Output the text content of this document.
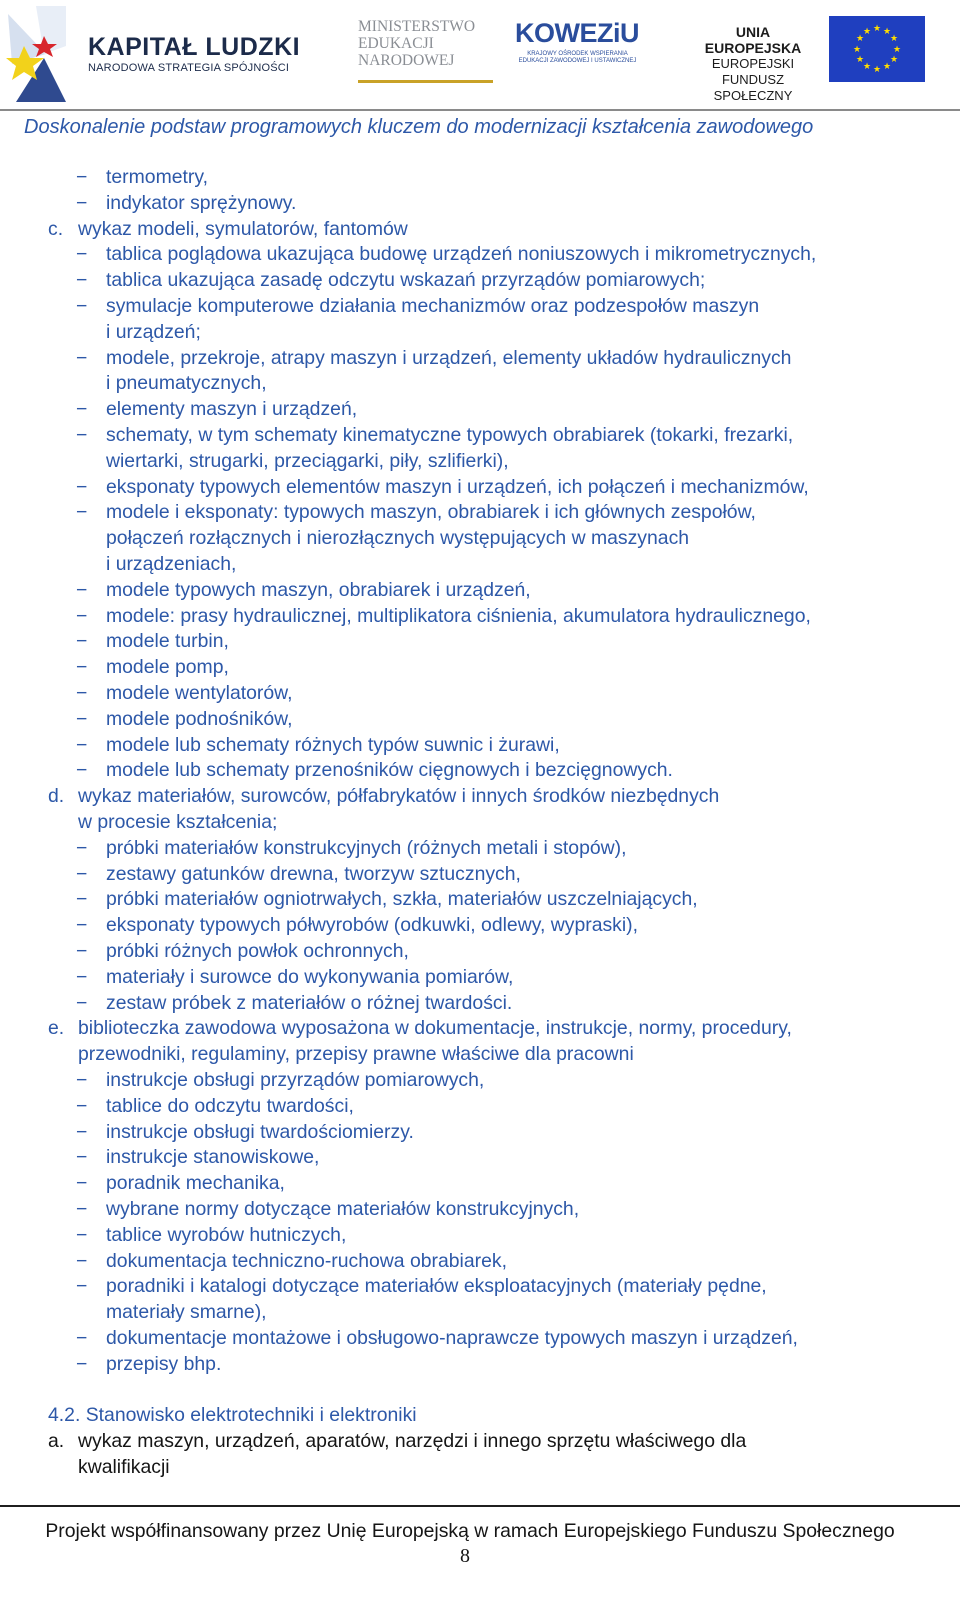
KAPITAŁ LUDZKI
NARODOWA STRATEGIA SPÓJNOŚCI
MINISTERSTWO
EDUKACJI
NARODOWEJ
KOWEZiU
KRAJOWY OŚRODEK WSPIERANIA
EDUKACJI ZAWODOWEJ I USTAWICZNEJ
UNIA EUROPEJSKA
EUROPEJSKI
FUNDUSZ SPOŁECZNY
★ ★
★
★
★
★
★
★
★
★
★
★
Doskonalenie podstaw programowych kluczem do modernizacji kształcenia zawodowego
− termometry,
− indykator sprężynowy.
c. wykaz modeli, symulatorów, fantomów
− tablica poglądowa ukazująca budowę urządzeń noniuszowych i mikrometrycznych,
− tablica ukazująca zasadę odczytu wskazań przyrządów pomiarowych;
− symulacje komputerowe działania mechanizmów oraz podzespołów maszyn
i urządzeń;
− modele, przekroje, atrapy maszyn i urządzeń, elementy układów hydraulicznych
i pneumatycznych,
− elementy maszyn i urządzeń,
− schematy, w tym schematy kinematyczne typowych obrabiarek (tokarki, frezarki,
wiertarki, strugarki, przeciągarki, piły, szlifierki),
− eksponaty typowych elementów maszyn i urządzeń, ich połączeń i mechanizmów,
− modele i eksponaty: typowych maszyn, obrabiarek i ich głównych zespołów,
połączeń rozłącznych i nierozłącznych występujących w maszynach
i urządzeniach,
− modele typowych maszyn, obrabiarek i urządzeń,
− modele: prasy hydraulicznej, multiplikatora ciśnienia, akumulatora hydraulicznego,
− modele turbin,
− modele pomp,
− modele wentylatorów,
− modele podnośników,
− modele lub schematy różnych typów suwnic i żurawi,
− modele lub schematy przenośników cięgnowych i bezcięgnowych.
d. wykaz materiałów, surowców, półfabrykatów i innych środków niezbędnych
w procesie kształcenia;
− próbki materiałów konstrukcyjnych (różnych metali i stopów),
− zestawy gatunków drewna, tworzyw sztucznych,
− próbki materiałów ogniotrwałych, szkła, materiałów uszczelniających,
− eksponaty typowych półwyrobów (odkuwki, odlewy, wypraski),
− próbki różnych powłok ochronnych,
− materiały i surowce do wykonywania pomiarów,
− zestaw próbek z materiałów o różnej twardości.
e. biblioteczka zawodowa wyposażona w dokumentacje, instrukcje, normy, procedury,
przewodniki, regulaminy, przepisy prawne właściwe dla pracowni
− instrukcje obsługi przyrządów pomiarowych,
− tablice do odczytu twardości,
− instrukcje obsługi twardościomierzy.
− instrukcje stanowiskowe,
− poradnik mechanika,
− wybrane normy dotyczące materiałów konstrukcyjnych,
− tablice wyrobów hutniczych,
− dokumentacja techniczno-ruchowa obrabiarek,
− poradniki i katalogi dotyczące materiałów eksploatacyjnych (materiały pędne,
materiały smarne),
− dokumentacje montażowe i obsługowo-naprawcze typowych maszyn i urządzeń,
− przepisy bhp.
4.2. Stanowisko elektrotechniki i elektroniki
a. wykaz maszyn, urządzeń, aparatów, narzędzi i innego sprzętu właściwego dla
kwalifikacji
Projekt współfinansowany przez Unię Europejską w ramach Europejskiego Funduszu Społecznego
8
